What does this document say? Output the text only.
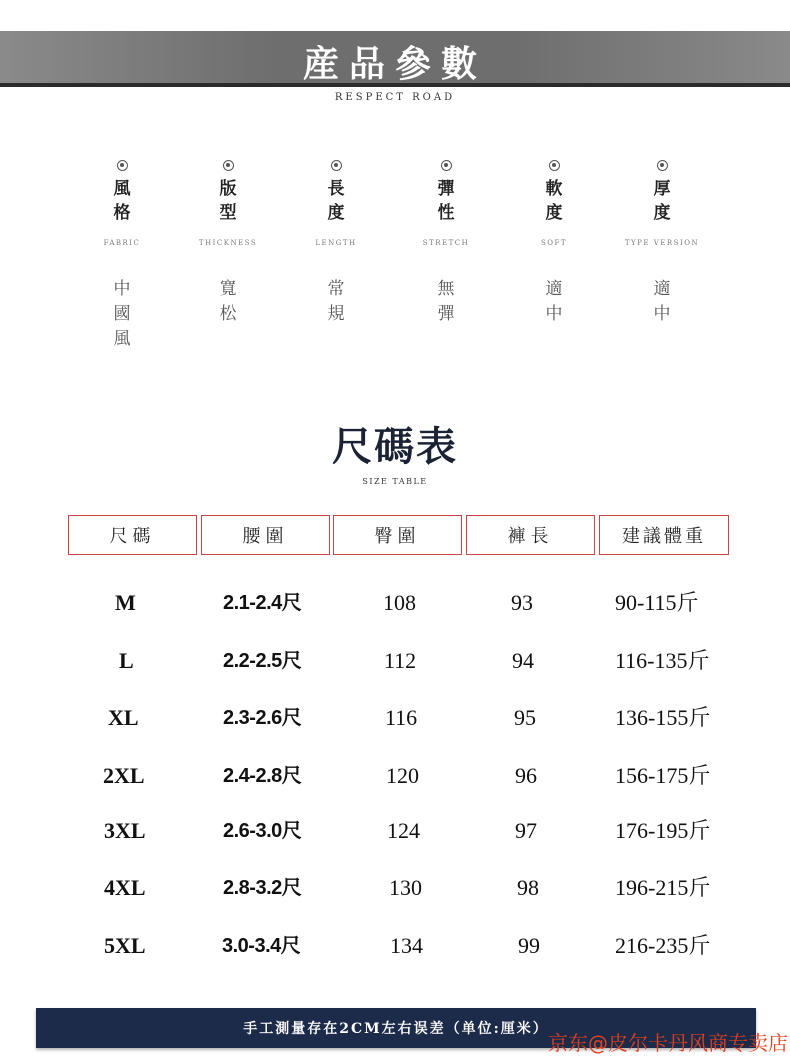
産品參數
RESPECT ROAD
風格
FABRIC
中國風
版型
THICKNESS
寬松
長度
LENGTH
常規
彈性
STRETCH
無彈
軟度
SOFT
適中
厚度
TYPE VERSION
適中
尺碼表
SIZE TABLE
尺碼	腰圍	臀圍	褲長	建議體重
M	2.1-2.4尺	108	93	90-115斤
L	2.2-2.5尺	112	94	116-135斤
XL	2.3-2.6尺	116	95	136-155斤
2XL	2.4-2.8尺	120	96	156-175斤
3XL	2.6-3.0尺	124	97	176-195斤
4XL	2.8-3.2尺	130	98	196-215斤
5XL	3.0-3.4尺	134	99	216-235斤
手工測量存在2CM左右误差（单位:厘米）
京东@皮尔卡丹风商专卖店
